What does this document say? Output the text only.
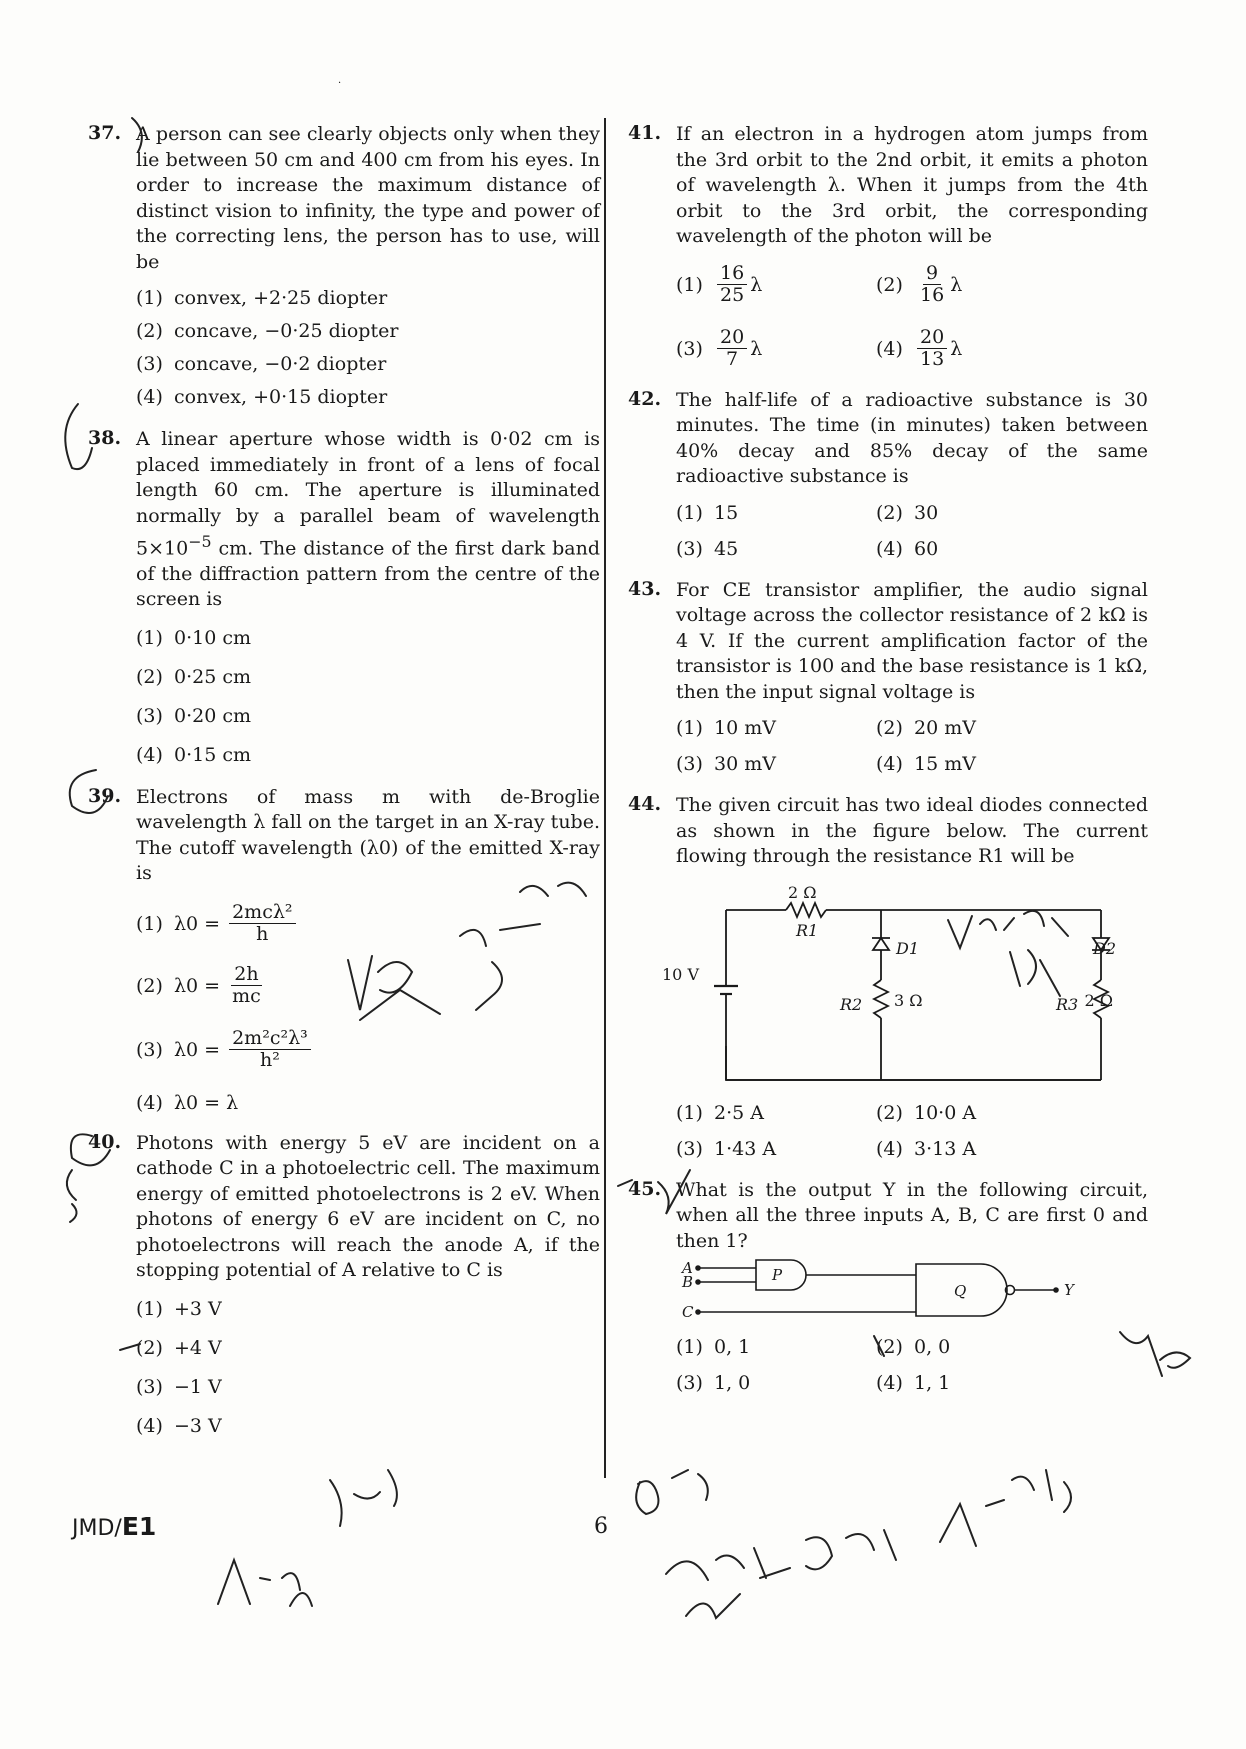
·
37. A person can see clearly objects only when they lie between 50 cm and 400 cm from his eyes. In order to increase the maximum distance of distinct vision to infinity, the type and power of the correcting lens, the person has to use, will be
(1) convex, +2·25 diopter
(2) concave, −0·25 diopter
(3) concave, −0·2 diopter
(4) convex, +0·15 diopter
38. A linear aperture whose width is 0·02 cm is placed immediately in front of a lens of focal length 60 cm. The aperture is illuminated normally by a parallel beam of wavelength $5\times 10^{-5}$ cm. The distance of the first dark band of the diffraction pattern from the centre of the screen is
(1) 0·10 cm
(2) 0·25 cm
(3) 0·20 cm
(4) 0·15 cm
39. Electrons of mass m with de-Broglie wavelength λ fall on the target in an X-ray tube. The cutoff wavelength (λ0) of the emitted X-ray is
(1) $\lambda 0 = \frac{\text{2mcλ²}}{h}$
(2) $\lambda 0 = \frac{2h}{mc}$
(3) $\lambda 0 = \frac{\text{2m²c²λ³}}{\text{h²}}$
(4) λ0 = λ
40. Photons with energy 5 eV are incident on a cathode C in a photoelectric cell. The maximum energy of emitted photoelectrons is 2 eV. When photons of energy 6 eV are incident on C, no photoelectrons will reach the anode A, if the stopping potential of A relative to C is
(1) +3 V
(2) +4 V
(3) −1 V
(4) −3 V
41. If an electron in a hydrogen atom jumps from the 3rd orbit to the 2nd orbit, it emits a photon of wavelength λ. When it jumps from the 4th orbit to the 3rd orbit, the corresponding wavelength of the photon will be
$(1) \frac{16}{25}$ λ	$(2) \frac{9}{16}$ λ
$(3) \frac{20}{7}$ λ	$(4) \frac{20}{13}$ λ
42. The half-life of a radioactive substance is 30 minutes. The time (in minutes) taken between 40% decay and 85% decay of the same radioactive substance is
(1) 15	(2) 30
(3) 45	(4) 60
43. For CE transistor amplifier, the audio signal voltage across the collector resistance of 2 kΩ is 4 V. If the current amplification factor of the transistor is 100 and the base resistance is 1 kΩ, then the input signal voltage is
(1) 10 mV	(2) 20 mV
(3) 30 mV	(4) 15 mV
44. The given circuit has two ideal diodes connected as shown in the figure below. The current flowing through the resistance R1 will be
2 Ω
R1
D1	D2
3 Ω
R2	2 Ω
R3
10 V
(1) 2·5 A	(2) 10·0 A
(3) 1·43 A	(4) 3·13 A
45. What is the output Y in the following circuit, when all the three inputs A, B, C are first 0 and then 1?
A
B
C
P
Q	Y
(1) 0, 1	(2) 0, 0
(3) 1, 0	(4) 1, 1
JMD/E1	6
